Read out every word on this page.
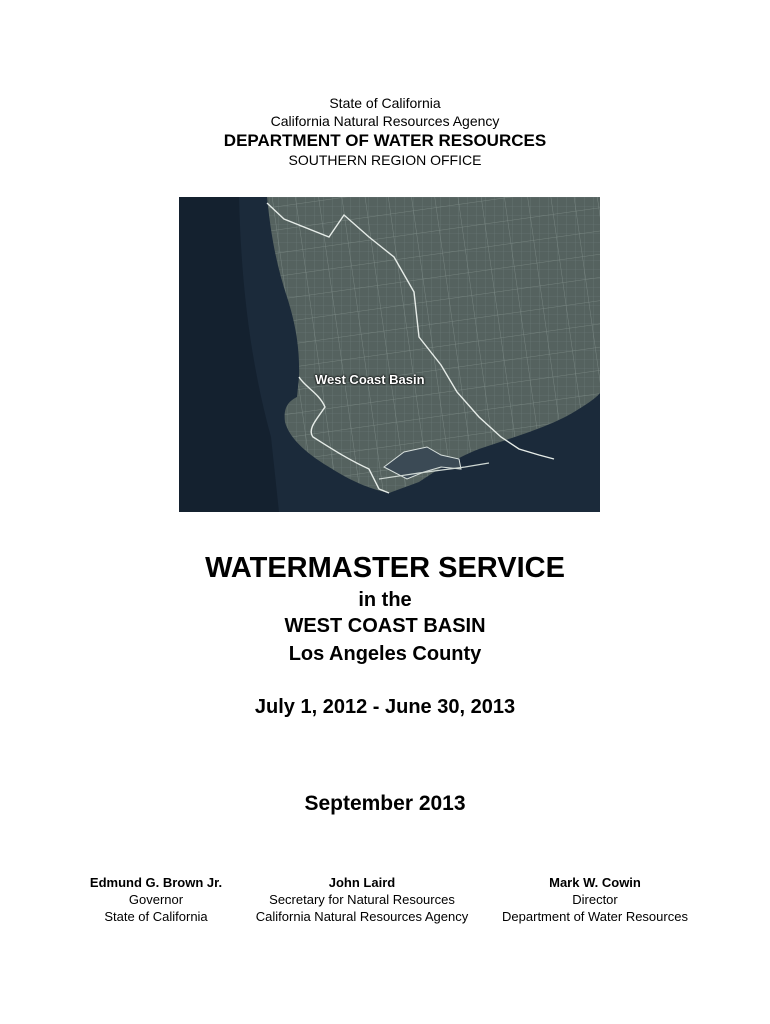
State of California
California Natural Resources Agency
DEPARTMENT OF WATER RESOURCES
SOUTHERN REGION OFFICE
West Coast Basin
WATERMASTER SERVICE
in the
WEST COAST BASIN
Los Angeles County
July 1, 2012 - June 30, 2013
September 2013
Edmund G. Brown Jr.
Governor
State of California
John Laird
Secretary for Natural Resources
California Natural Resources Agency
Mark W. Cowin
Director
Department of Water Resources
